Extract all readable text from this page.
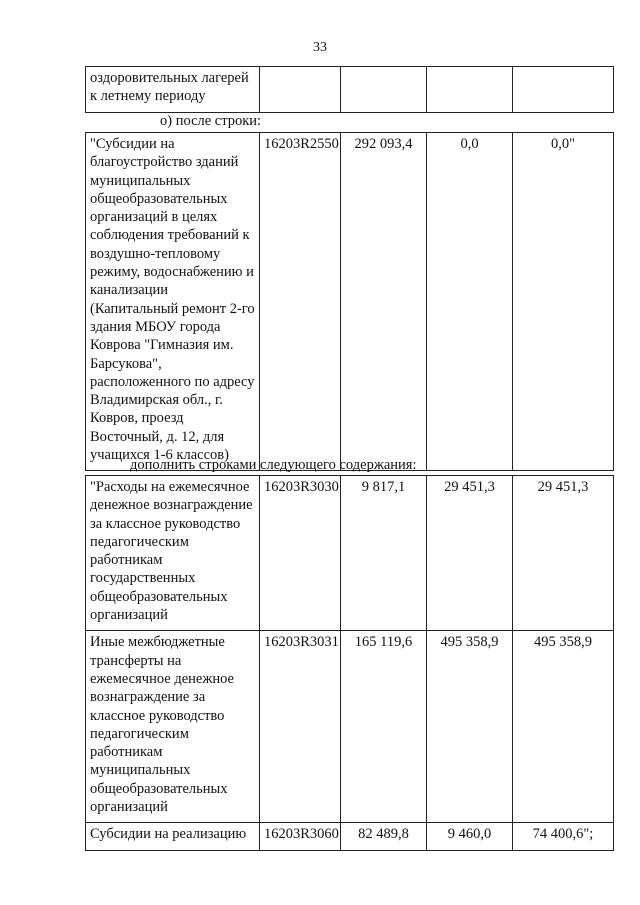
33
оздоровительных лагерей к летнему периоду				
о) после строки:
"Субсидии на благоустройство зданий муниципальных общеобразовательных организаций в целях соблюдения требований к воздушно-тепловому режиму, водоснабжению и канализации (Капитальный ремонт 2-го здания МБОУ города Коврова "Гимназия им. Барсукова", расположенного по адресу Владимирская обл., г. Ковров, проезд Восточный, д. 12, для учащихся 1-6 классов)	16203R2550	292 093,4	0,0	0,0"
дополнить строками следующего содержания:
"Расходы на ежемесячное денежное вознаграждение за классное руководство педагогическим работникам государственных общеобразовательных организаций	16203R3030	9 817,1	29 451,3	29 451,3
Иные межбюджетные трансферты на ежемесячное денежное вознаграждение за классное руководство педагогическим работникам муниципальных общеобразовательных организаций	16203R3031	165 119,6	495 358,9	495 358,9
Субсидии на реализацию	16203R3060	82 489,8	9 460,0	74 400,6";
